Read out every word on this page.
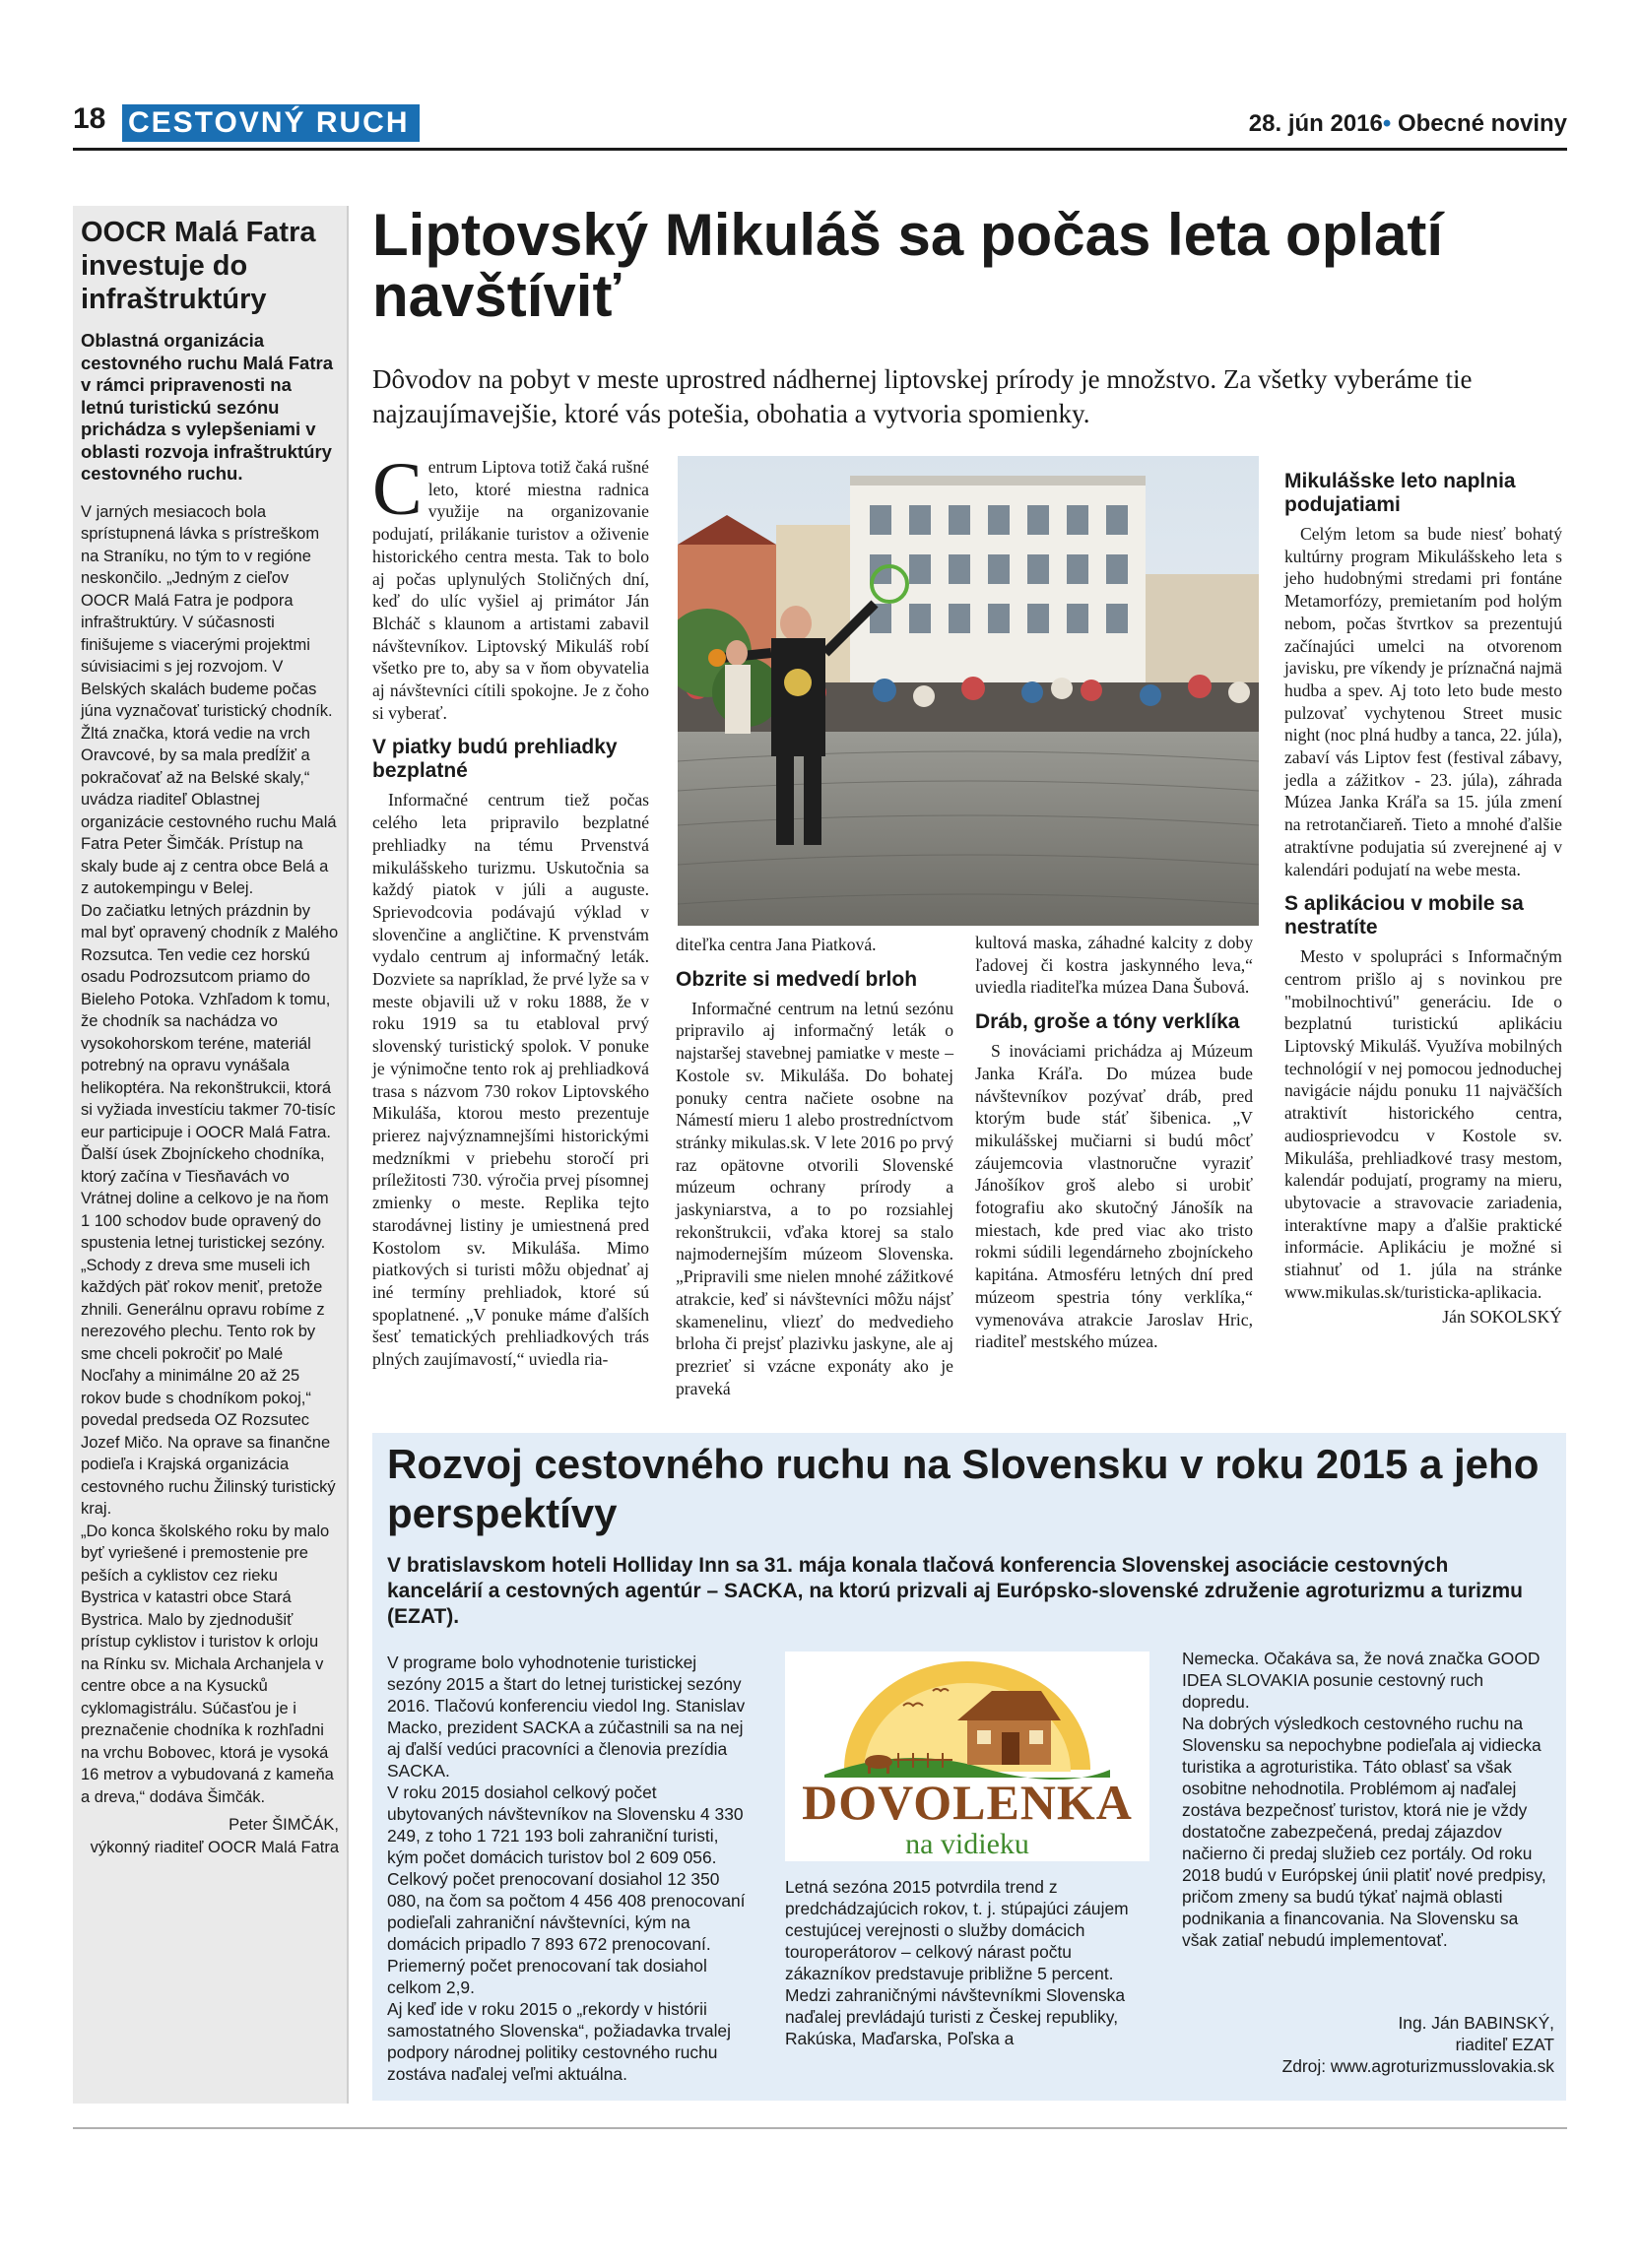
18 CESTOVNÝ RUCH	28. jún 2016• Obecné noviny
OOCR Malá Fatra investuje do infraštruktúry
Oblastná organizácia cestovného ruchu Malá Fatra v rámci pripravenosti na letnú turistickú sezónu prichádza s vylepšeniami v oblasti rozvoja infraštruktúry cestovného ruchu.

V jarných mesiacoch bola sprístupnená lávka s prístreškom na Straníku, no tým to v regióne neskončilo. „Jedným z cieľov OOCR Malá Fatra je podpora infraštruktúry. V súčasnosti finišujeme s viacerými projektmi súvisiacimi s jej rozvojom. V Belských skalách budeme počas júna vyznačovať turistický chodník. Žltá značka, ktorá vedie na vrch Oravcové, by sa mala predĺžiť a pokračovať až na Belské skaly,“ uvádza riaditeľ Oblastnej organizácie cestovného ruchu Malá Fatra Peter Šimčák. Prístup na skaly bude aj z centra obce Belá a z autokempingu v Belej.

Do začiatku letných prázdnin by mal byť opravený chodník z Malého Rozsutca. Ten vedie cez horskú osadu Podrozsutcom priamo do Bieleho Potoka. Vzhľadom k tomu, že chodník sa nachádza vo vysokohorskom teréne, materiál potrebný na opravu vynášala helikoptéra. Na rekonštrukcii, ktorá si vyžiada investíciu takmer 70-tisíc eur participuje i OOCR Malá Fatra.

Ďalší úsek Zbojníckeho chodníka, ktorý začína v Tiesňavách vo Vrátnej doline a celkovo je na ňom 1 100 schodov bude opravený do spustenia letnej turistickej sezóny. „Schody z dreva sme museli ich každých päť rokov meniť, pretože zhnili. Generálnu opravu robíme z nerezového plechu. Tento rok by sme chceli pokročiť po Malé Nocľahy a minimálne 20 až 25 rokov bude s chodníkom pokoj,“ povedal predseda OZ Rozsutec Jozef Mičo. Na oprave sa finančne podieľa i Krajská organizácia cestovného ruchu Žilinský turistický kraj.

„Do konca školského roku by malo byť vyriešené i premostenie pre peších a cyklistov cez rieku Bystrica v katastri obce Stará Bystrica. Malo by zjednodušiť prístup cyklistov i turistov k orloju na Rínku sv. Michala Archanjela v centre obce a na Kysucků cyklomagistrálu. Súčasťou je i preznačenie chodníka k rozhľadni na vrchu Bobovec, ktorá je vysoká 16 metrov a vybudovaná z kameňa a dreva,“ dodáva Šimčák.

Peter ŠIMČÁK,
výkonný riaditeľ OOCR Malá Fatra
Liptovský Mikuláš sa počas leta oplatí navštíviť
Dôvodov na pobyt v meste uprostred nádhernej liptovskej prírody je množstvo. Za všetky vyberáme tie najzaujímavejšie, ktoré vás potešia, obohatia a vytvoria spomienky.

Centrum Liptova totiž čaká rušné leto, ktoré miestna radnica využije na organizovanie podujatí, prilákanie turistov a oživenie historického centra mesta. Tak to bolo aj počas uplynulých Stoličných dní, keď do ulíc vyšiel aj primátor Ján Blcháč s klaunom a artistami zabavil návštevníkov. Liptovský Mikuláš robí všetko pre to, aby sa v ňom obyvatelia aj návštevníci cítili spokojne. Je z čoho si vyberať.

V piatky budú prehliadky bezplatné

Informačné centrum tiež počas celého leta pripravilo bezplatné prehliadky na tému Prvenstvá mikulášskeho turizmu. Uskutočnia sa každý piatok v júli a auguste. Sprievodcovia podávajú výklad v slovenčine a angličtine. K prvenstvám vydalo centrum aj informačný leták. Dozviete sa napríklad, že prvé lyže sa v meste objavili už v roku 1888, že v roku 1919 sa tu etabloval prvý slovenský turistický spolok. V ponuke je výnimočne tento rok aj prehliadková trasa s názvom 730 rokov Liptovského Mikuláša, ktorou mesto prezentuje prierez najvýznamnejšími historickými medzníkmi v priebehu storočí pri príležitosti 730. výročia prvej písomnej zmienky o meste. Replika tejto starodávnej listiny je umiestnená pred Kostolom sv. Mikuláša. Mimo piatkových si turisti môžu objednať aj iné termíny prehliadok, ktoré sú spoplatnené. „V ponuke máme ďalších šesť tematických prehliadkových trás plných zaujímavostí,“ uviedla ria-

diteľka centra Jana Piatková.

Obzrite si medvedí brloh

Informačné centrum na letnú sezónu pripravilo aj informačný leták o najstaršej stavebnej pamiatke v meste – Kostole sv. Mikuláša. Do bohatej ponuky centra načiete osobne na Námestí mieru 1 alebo prostredníctvom stránky mikulas.sk. V lete 2016 po prvý raz opätovne otvorili Slovenské múzeum ochrany prírody a jaskyniarstva, a to po rozsiahlej rekonštrukcii, vďaka ktorej sa stalo najmodernejším múzeom Slovenska. „Pripravili sme nielen mnohé zážitkové atrakcie, keď si návštevníci môžu nájsť skamenelinu, vliezť do medvedieho brloha či prejsť plazivku jaskyne, ale aj prezrieť si vzácne exponáty ako je praveká

kultová maska, záhadné kalcity z doby ľadovej či kostra jaskynného leva,“ uviedla riaditeľka múzea Dana Šubová.

Dráb, groše a tóny verklíka

S inováciami prichádza aj Múzeum Janka Kráľa. Do múzea bude návštevníkov pozývať dráb, pred ktorým bude stáť šibenica. „V mikulášskej mučiarni si budú môcť záujemcovia vlastnoručne vyraziť Jánošíkov groš alebo si urobiť fotografiu ako skutočný Jánošík na miestach, kde pred viac ako tristo rokmi súdili legendárneho zbojníckeho kapitána. Atmosféru letných dní pred múzeom spestria tóny verklíka,“ vymenováva atrakcie Jaroslav Hric, riaditeľ mestského múzea.

Mikulášske leto naplnia podujatiami

Celým letom sa bude niesť bohatý kultúrny program Mikulášskeho leta s jeho hudobnými stredami pri fontáne Metamorfózy, premietaním pod holým nebom, počas štvrtkov sa prezentujú začínajúci umelci na otvorenom javisku, pre víkendy je príznačná najmä hudba a spev. Aj toto leto bude mesto pulzovať vychytenou Street music night (noc plná hudby a tanca, 22. júla), zabaví vás Liptov fest (festival zábavy, jedla a zážitkov - 23. júla), záhrada Múzea Janka Kráľa sa 15. júla zmení na retrotančiareň. Tieto a mnohé ďalšie atraktívne podujatia sú zverejnené aj v kalendári podujatí na webe mesta.

S aplikáciou v mobile sa nestratíte

Mesto v spolupráci s Informačným centrom prišlo aj s novinkou pre "mobilnochtivú" generáciu. Ide o bezplatnú turistickú aplikáciu Liptovský Mikuláš. Využíva mobilných technológií v nej pomocou jednoduchej navigácie nájdu ponuku 11 najväčších atraktivít historického centra, audiosprievodcu v Kostole sv. Mikuláša, prehliadkové trasy mestom, kalendár podujatí, programy na mieru, ubytovacie a stravovacie zariadenia, interaktívne mapy a ďalšie praktické informácie. Aplikáciu je možné si stiahnuť od 1. júla na stránke www.mikulas.sk/turisticka-aplikacia.

Ján SOKOLSKÝ
Rozvoj cestovného ruchu na Slovensku v roku 2015 a jeho perspektívy
V bratislavskom hoteli Holliday Inn sa 31. mája konala tlačová konferencia Slovenskej asociácie cestovných kancelárií a cestovných agentúr – SACKA, na ktorú prizvali aj Európsko-slovenské združenie agroturizmu a turizmu (EZAT).

V programe bolo vyhodnotenie turistickej sezóny 2015 a štart do letnej turistickej sezóny 2016. Tlačovú konferenciu viedol Ing. Stanislav Macko, prezident SACKA a zúčastnili sa na nej aj ďalší vedúci pracovníci a členovia prezídia SACKA.

V roku 2015 dosiahol celkový počet ubytovaných návštevníkov na Slovensku 4 330 249, z toho 1 721 193 boli zahraniční turisti, kým počet domácich turistov bol 2 609 056. Celkový počet prenocovaní dosiahol 12 350 080, na čom sa počtom 4 456 408 prenocovaní podieľali zahraniční návštevníci, kým na domácich pripadlo 7 893 672 prenocovaní. Priemerný počet prenocovaní tak dosiahol celkom 2,9.

Aj keď ide v roku 2015 o „rekordy v histórii samostatného Slovenska“, požiadavka trvalej podpory národnej politiky cestovného ruchu zostáva naďalej veľmi aktuálna.

DOVOLENKA
na vidieku

Letná sezóna 2015 potvrdila trend z predchádzajúcich rokov, t. j. stúpajúci záujem cestujúcej verejnosti o služby domácich touroperátorov – celkový nárast počtu zákazníkov predstavuje približne 5 percent. Medzi zahraničnými návštevníkmi Slovenska naďalej prevládajú turisti z Českej republiky, Rakúska, Maďarska, Poľska a

Nemecka. Očakáva sa, že nová značka GOOD IDEA SLOVAKIA posunie cestovný ruch dopredu.

Na dobrých výsledkoch cestovného ruchu na Slovensku sa nepochybne podieľala aj vidiecka turistika a agroturistika. Táto oblasť sa však osobitne nehodnotila. Problémom aj naďalej zostáva bezpečnosť turistov, ktorá nie je vždy dostatočne zabezpečená, predaj zájazdov načierno či predaj služieb cez portály. Od roku 2018 budú v Európskej únii platiť nové predpisy, pričom zmeny sa budú týkať najmä oblasti podnikania a financovania. Na Slovensku sa však zatiaľ nebudú implementovať.

Ing. Ján BABINSKÝ,
riaditeľ EZAT
Zdroj: www.agroturizmusslovakia.sk
